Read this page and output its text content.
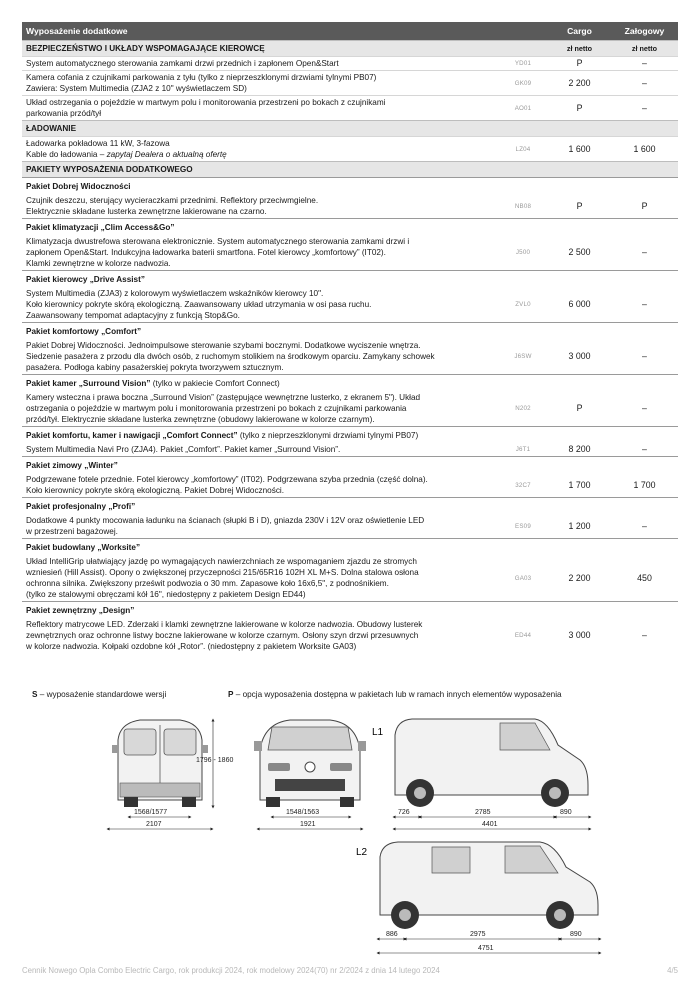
Wyposażenie dodatkowe		Cargo	Załogowy
BEZPIECZEŃSTWO I UKŁADY WSPOMAGAJĄCE KIEROWCĘ		zł netto	zł netto
System automatycznego sterowania zamkami drzwi przednich i zapłonem Open&Start	YD01	P	–

Kamera cofania z czujnikami parkowania z tyłu (tylko z nieprzeszklonymi drzwiami tylnymi PB07)
Zawiera: System Multimedia (ZJA2 z 10" wyświetlaczem SD)	GK09	2 200	–

Układ ostrzegania o pojeździe w martwym polu i monitorowania przestrzeni po bokach z czujnikami
parkowania przód/tył	AO01	P	–
ŁADOWANIE			

Ładowarka pokładowa 11 kW, 3-fazowa
Kable do ładowania – zapytaj Dealera o aktualną ofertę	LZ04	1 600	1 600
PAKIETY WYPOSAŻENIA DODATKOWEGO			
Pakiet Dobrej Widoczności			

Czujnik deszczu, sterujący wycieraczkami przednimi. Reflektory przeciwmgielne.
Elektrycznie składane lusterka zewnętrzne lakierowane na czarno.	NB08	P	P
Pakiet klimatyzacji „Clim Access&Go”			

Klimatyzacja dwustrefowa sterowana elektronicznie. System automatycznego sterowania zamkami drzwi i
zapłonem Open&Start. Indukcyjna ładowarka baterii smartfona. Fotel kierowcy „komfortowy” (IT02).
Klamki zewnętrzne w kolorze nadwozia.	J500	2 500	–
Pakiet kierowcy „Drive Assist”			

System Multimedia (ZJA3) z kolorowym wyświetlaczem wskaźników kierowcy 10".
Koło kierownicy pokryte skórą ekologiczną. Zaawansowany układ utrzymania w osi pasa ruchu.
Zaawansowany tempomat adaptacyjny z funkcją Stop&Go.	ZVL0	6 000	–
Pakiet komfortowy „Comfort”			

Pakiet Dobrej Widoczności. Jednoimpulsowe sterowanie szybami bocznymi. Dodatkowe wyciszenie wnętrza.
Siedzenie pasażera z przodu dla dwóch osób, z ruchomym stolikiem na środkowym oparciu. Zamykany schowek
pasażera. Podłoga kabiny pasażerskiej pokryta tworzywem sztucznym.	J6SW	3 000	–
Pakiet kamer „Surround Vision” (tylko w pakiecie Comfort Connect)			

Kamery wsteczna i prawa boczna „Surround Vision” (zastępujące wewnętrzne lusterko, z ekranem 5"). Układ
ostrzegania o pojeździe w martwym polu i monitorowania przestrzeni po bokach z czujnikami parkowania
przód/tył. Elektrycznie składane lusterka zewnętrzne (obudowy lakierowane w kolorze czarnym).	N202	P	–
Pakiet komfortu, kamer i nawigacji „Comfort Connect” (tylko z nieprzeszklonymi drzwiami tylnymi PB07)			

System Multimedia Navi Pro (ZJA4). Pakiet „Comfort”. Pakiet kamer „Surround Vision”.	J6T1	8 200	–
Pakiet zimowy „Winter”			

Podgrzewane fotele przednie. Fotel kierowcy „komfortowy” (IT02). Podgrzewana szyba przednia (część dolna).
Koło kierownicy pokryte skórą ekologiczną. Pakiet Dobrej Widoczności.	32C7	1 700	1 700
Pakiet profesjonalny „Profi”			

Dodatkowe 4 punkty mocowania ładunku na ścianach (słupki B i D), gniazda 230V i 12V oraz oświetlenie LED
w przestrzeni bagażowej.	ES09	1 200	–
Pakiet budowlany „Worksite”			

Układ IntelliGrip ułatwiający jazdę po wymagających nawierzchniach ze wspomaganiem zjazdu ze stromych
wzniesień (Hill Assist). Opony o zwiększonej przyczepności 215/65R16 102H XL M+S. Dolna stalowa osłona
ochronna silnika. Zwiększony prześwit podwozia o 30 mm. Zapasowe koło 16x6,5", z podnośnikiem.
(tylko ze stalowymi obręczami kół 16", niedostępny z pakietem Design ED44)	GA03	2 200	450
Pakiet zewnętrzny „Design”			

Reflektory matrycowe LED. Zderzaki i klamki zewnętrzne lakierowane w kolorze nadwozia. Obudowy lusterek
zewnętrznych oraz ochronne listwy boczne lakierowane w kolorze czarnym. Osłony szyn drzwi przesuwnych
w kolorze nadwozia. Kołpaki ozdobne kół „Rotor”. (niedostępny z pakietem Worksite GA03)	ED44	3 000	–
S – wyposażenie standardowe wersji	P – opcja wyposażenia dostępna w pakietach lub w ramach innych elementów wyposażenia
1796 - 1860
1568/1577
2107
1548/1563
1921
L1
726	2785	890
4401
L2
886	2975	890
4751
Cennik Nowego Opla Combo Electric Cargo, rok produkcji 2024, rok modelowy 2024(70) nr 2/2024 z dnia 14 lutego 2024	4/5
